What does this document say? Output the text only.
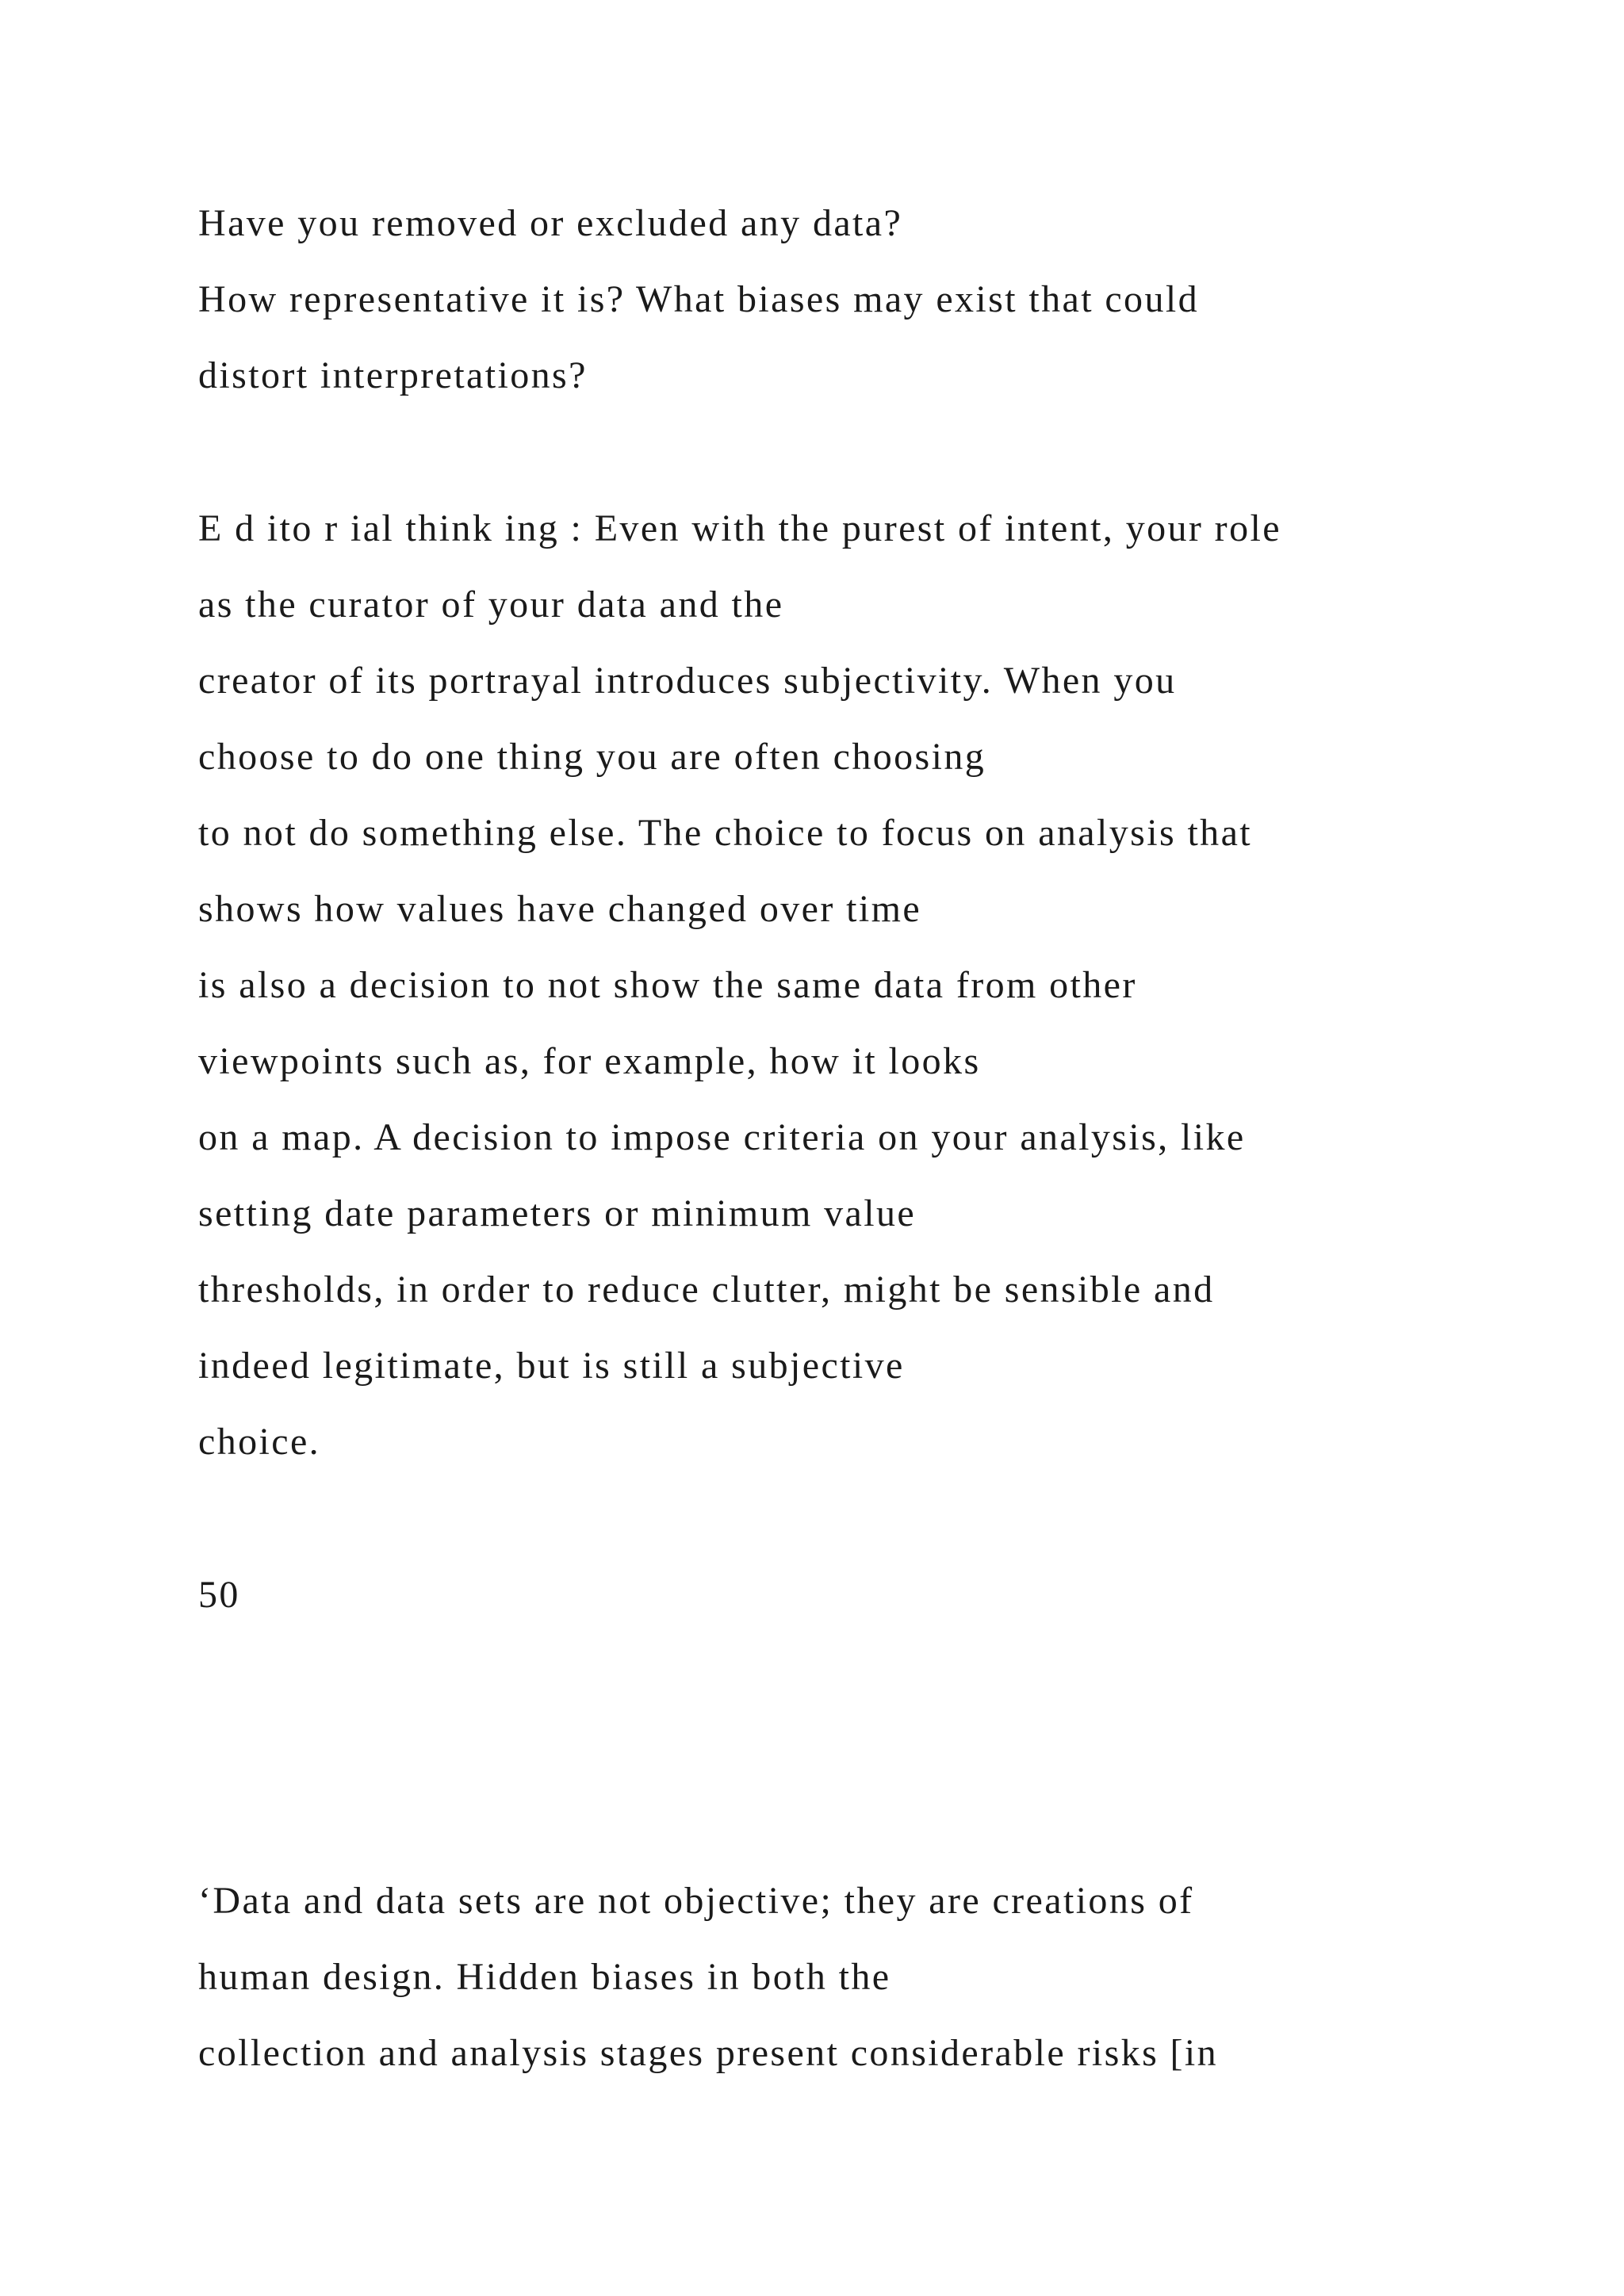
Have you removed or excluded any data?
How representative it is? What biases may exist that could
distort interpretations?
E d ito r ial think ing : Even with the purest of intent, your role
as the curator of your data and the
creator of its portrayal introduces subjectivity. When you
choose to do one thing you are often choosing
to not do something else. The choice to focus on analysis that
shows how values have changed over time
is also a decision to not show the same data from other
viewpoints such as, for example, how it looks
on a map. A decision to impose criteria on your analysis, like
setting date parameters or minimum value
thresholds, in order to reduce clutter, might be sensible and
indeed legitimate, but is still a subjective
choice.
50
‘Data and data sets are not objective; they are creations of
human design. Hidden biases in both the
collection and analysis stages present considerable risks [in
